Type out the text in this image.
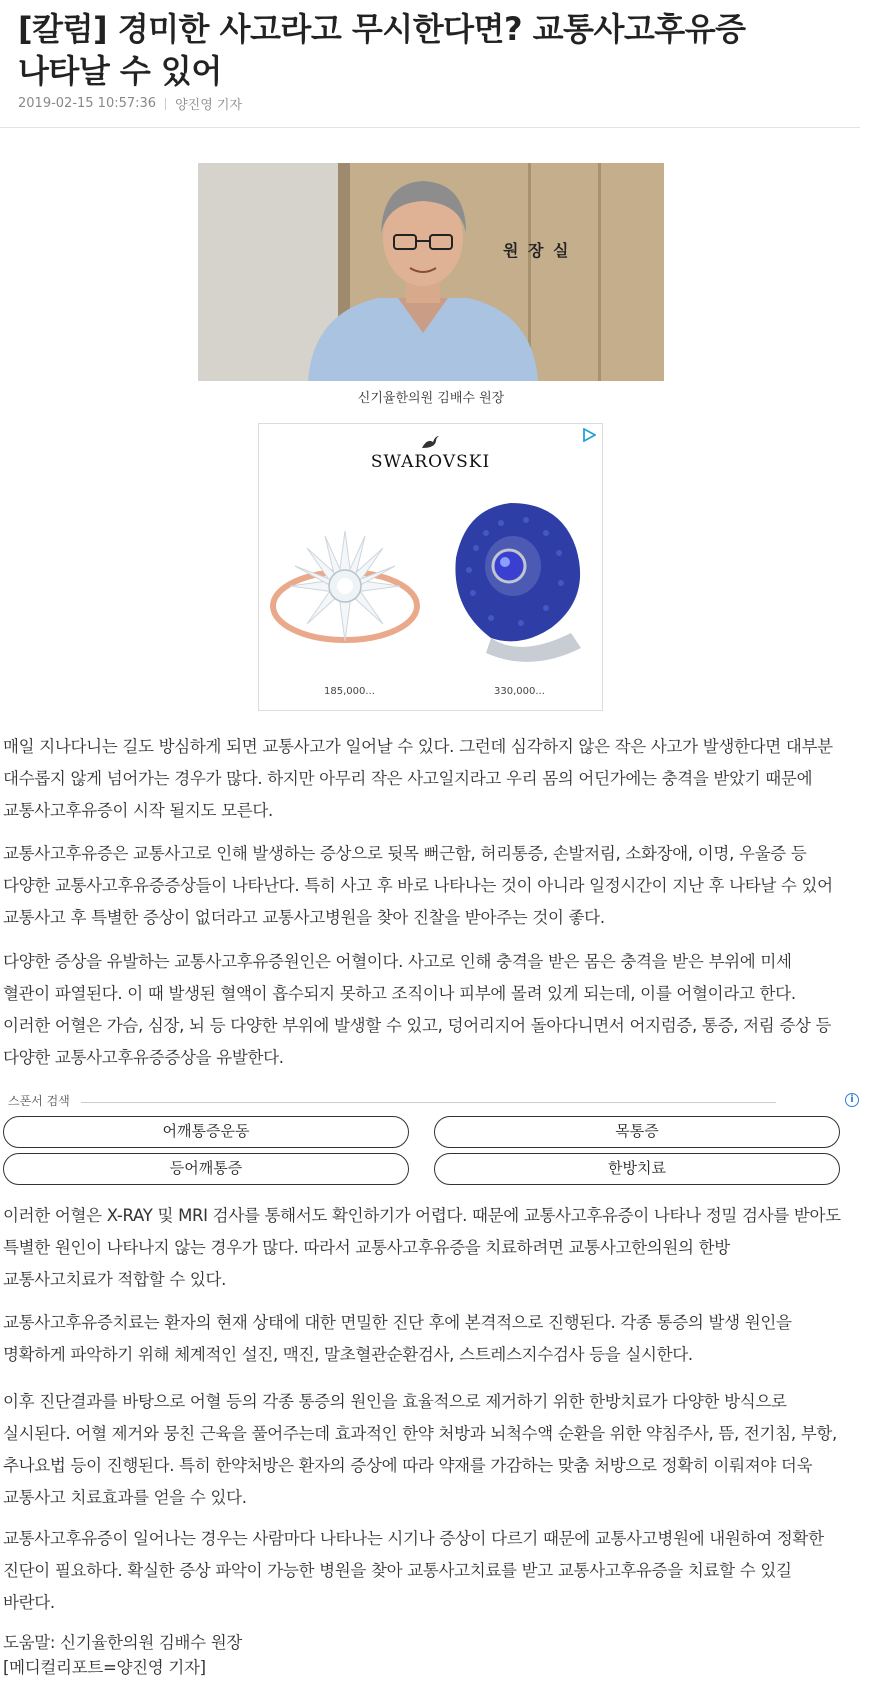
[칼럼] 경미한 사고라고 무시한다면? 교통사고후유증
나타날 수 있어
2019-02-15 10:57:36 양진영 기자
원 장 실
신기율한의원 김배수 원장
SWAROVSKI
185,000...	330,000...
매일 지나다니는 길도 방심하게 되면 교통사고가 일어날 수 있다. 그런데 심각하지 않은 작은 사고가 발생한다면 대부분
대수롭지 않게 넘어가는 경우가 많다. 하지만 아무리 작은 사고일지라고 우리 몸의 어딘가에는 충격을 받았기 때문에
교통사고후유증이 시작 될지도 모른다.
교통사고후유증은 교통사고로 인해 발생하는 증상으로 뒷목 뻐근함, 허리통증, 손발저림, 소화장애, 이명, 우울증 등
다양한 교통사고후유증증상들이 나타난다. 특히 사고 후 바로 나타나는 것이 아니라 일정시간이 지난 후 나타날 수 있어
교통사고 후 특별한 증상이 없더라고 교통사고병원을 찾아 진찰을 받아주는 것이 좋다.
다양한 증상을 유발하는 교통사고후유증원인은 어혈이다. 사고로 인해 충격을 받은 몸은 충격을 받은 부위에 미세
혈관이 파열된다. 이 때 발생된 혈액이 흡수되지 못하고 조직이나 피부에 몰려 있게 되는데, 이를 어혈이라고 한다.
이러한 어혈은 가슴, 심장, 뇌 등 다양한 부위에 발생할 수 있고, 덩어리지어 돌아다니면서 어지럼증, 통증, 저림 증상 등
다양한 교통사고후유증증상을 유발한다.
스폰서 검색	i
어깨통증운동	목통증
등어깨통증	한방치료
이러한 어혈은 X-RAY 및 MRI 검사를 통해서도 확인하기가 어렵다. 때문에 교통사고후유증이 나타나 정밀 검사를 받아도
특별한 원인이 나타나지 않는 경우가 많다. 따라서 교통사고후유증을 치료하려면 교통사고한의원의 한방
교통사고치료가 적합할 수 있다.
교통사고후유증치료는 환자의 현재 상태에 대한 면밀한 진단 후에 본격적으로 진행된다. 각종 통증의 발생 원인을
명확하게 파악하기 위해 체계적인 설진, 맥진, 말초혈관순환검사, 스트레스지수검사 등을 실시한다.
이후 진단결과를 바탕으로 어혈 등의 각종 통증의 원인을 효율적으로 제거하기 위한 한방치료가 다양한 방식으로
실시된다. 어혈 제거와 뭉친 근육을 풀어주는데 효과적인 한약 처방과 뇌척수액 순환을 위한 약침주사, 뜸, 전기침, 부항,
추나요법 등이 진행된다. 특히 한약처방은 환자의 증상에 따라 약재를 가감하는 맞춤 처방으로 정확히 이뤄져야 더욱
교통사고 치료효과를 얻을 수 있다.
교통사고후유증이 일어나는 경우는 사람마다 나타나는 시기나 증상이 다르기 때문에 교통사고병원에 내원하여 정확한
진단이 필요하다. 확실한 증상 파악이 가능한 병원을 찾아 교통사고치료를 받고 교통사고후유증을 치료할 수 있길
바란다.
도움말: 신기율한의원 김배수 원장
[메디컬리포트=양진영 기자]
